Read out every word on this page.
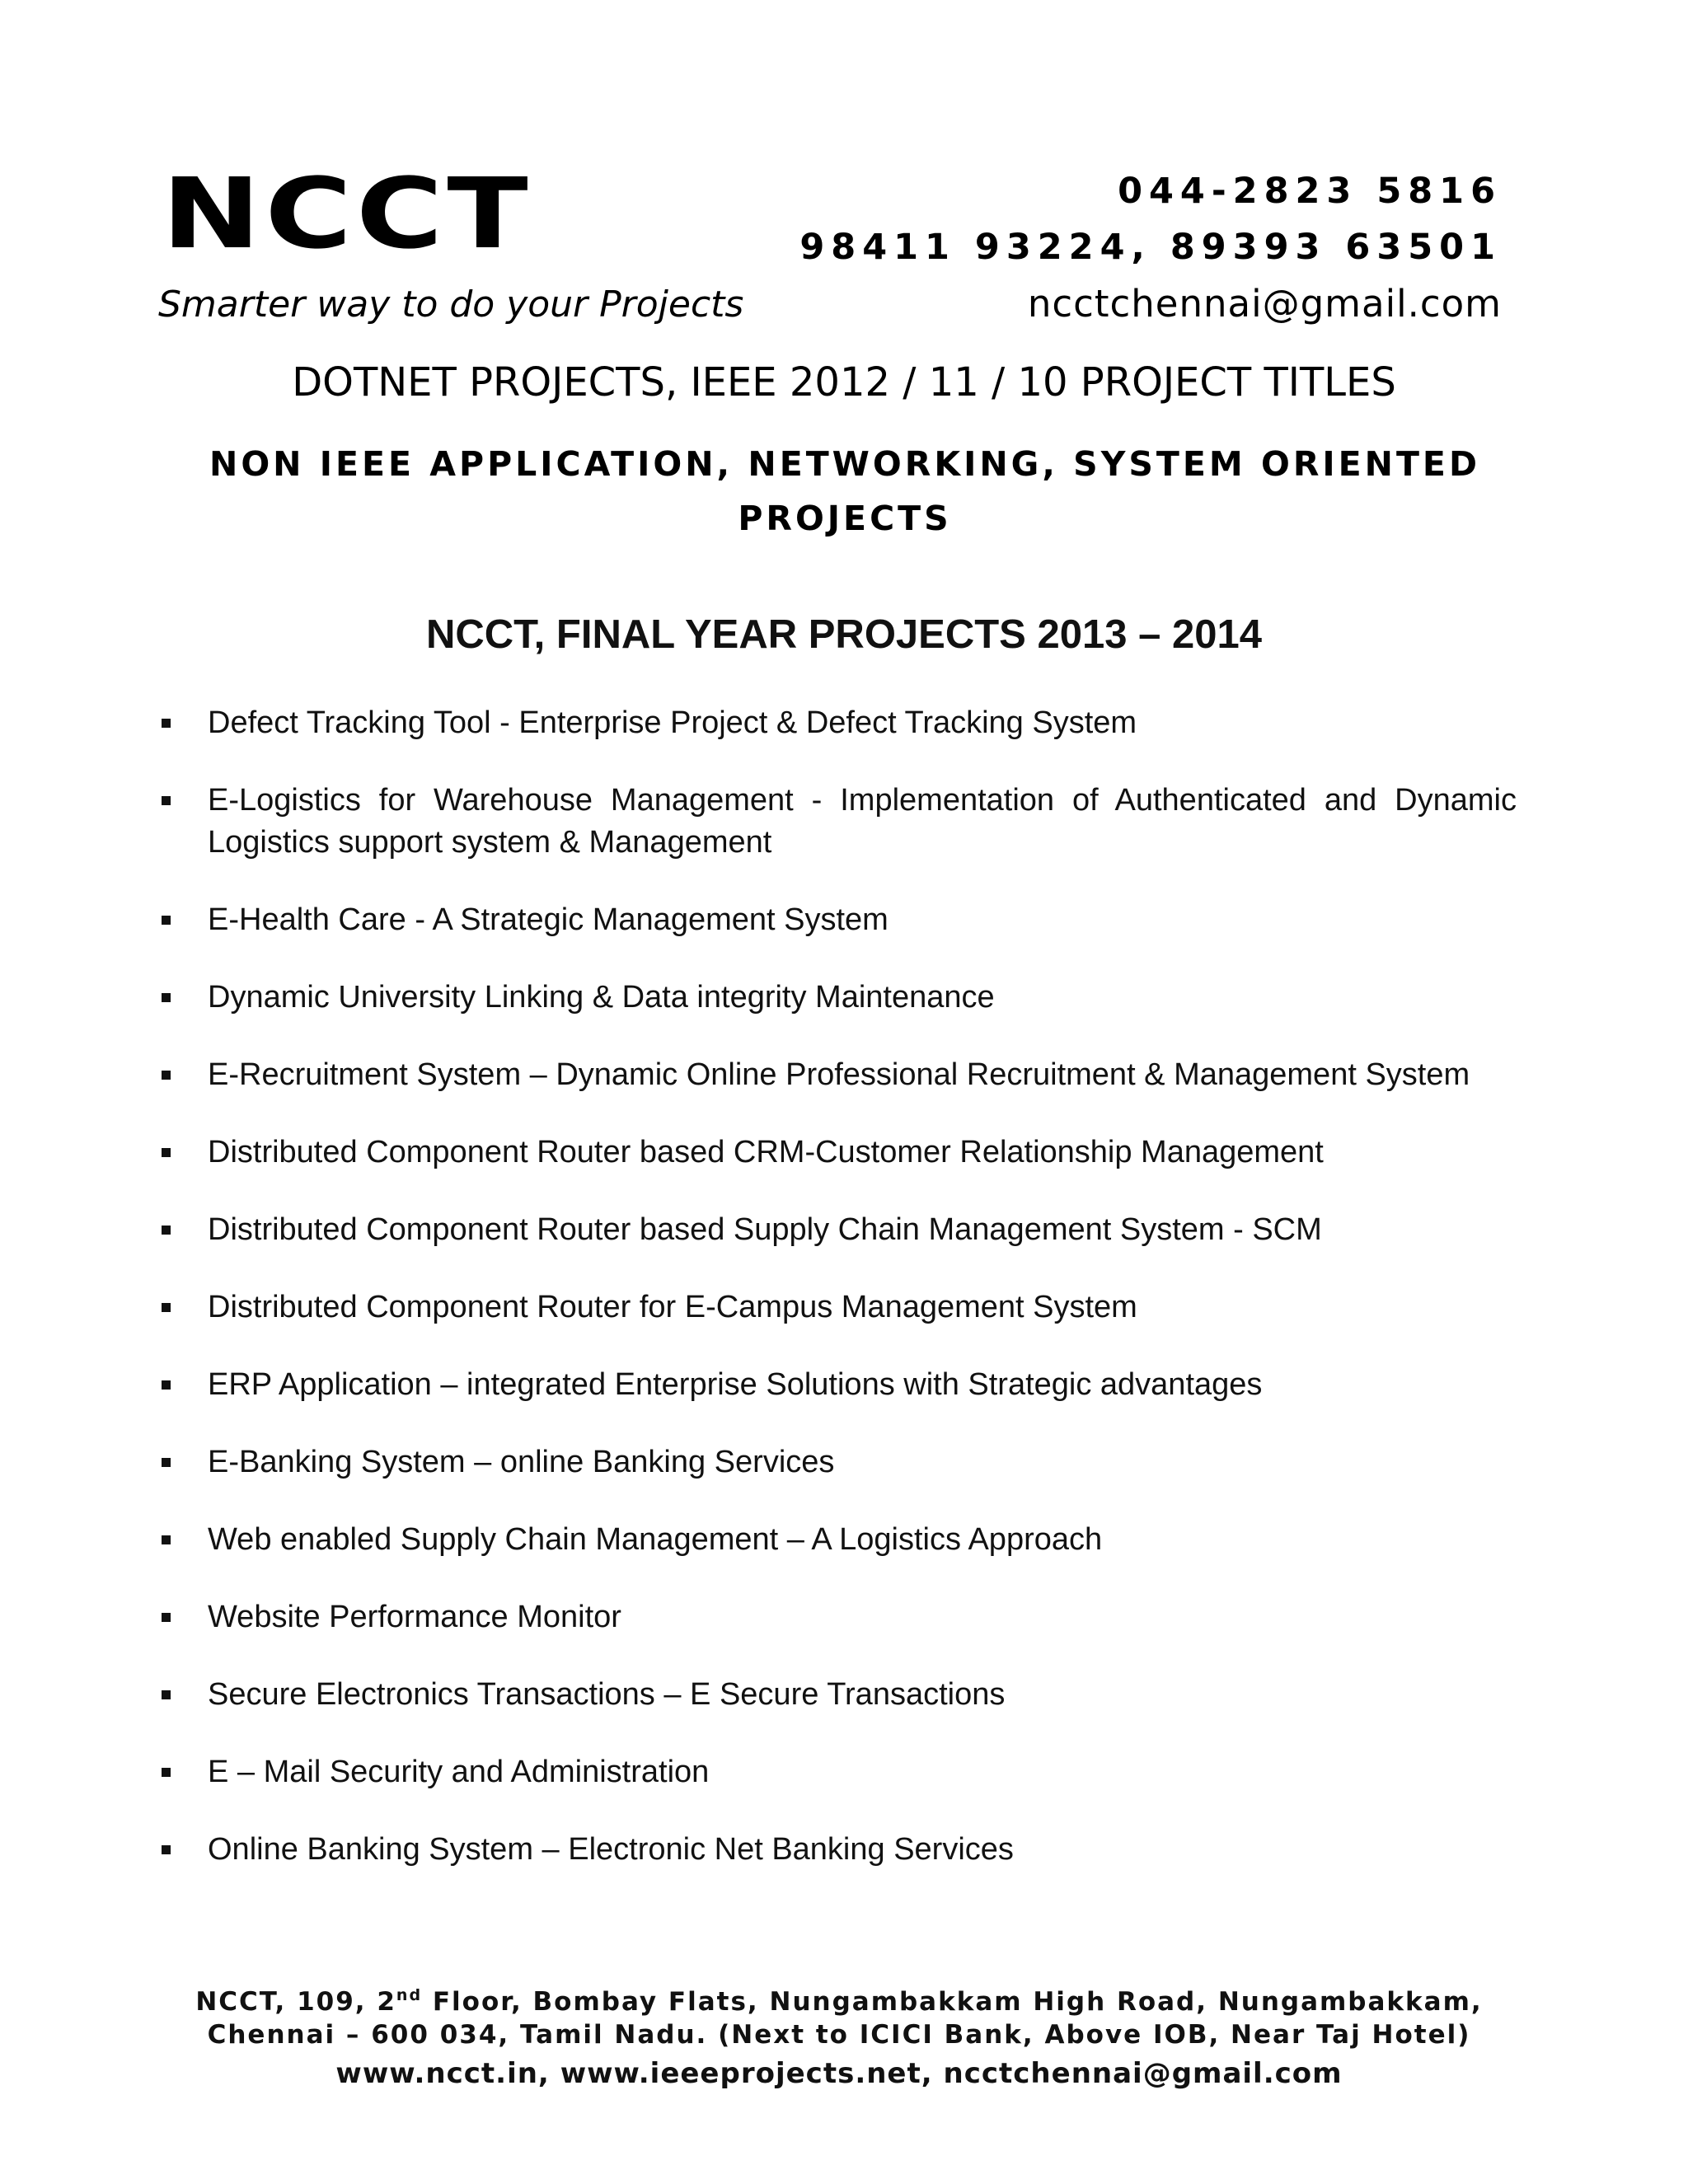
NCCT
Smarter way to do your Projects
044-2823 5816
98411 93224, 89393 63501
ncctchennai@gmail.com
DOTNET PROJECTS, IEEE 2012 / 11 / 10 PROJECT TITLES
NON IEEE APPLICATION, NETWORKING, SYSTEM ORIENTED PROJECTS
NCCT, FINAL YEAR PROJECTS 2013 – 2014
Defect Tracking Tool - Enterprise Project & Defect Tracking System
E-Logistics for Warehouse Management - Implementation of Authenticated and Dynamic Logistics support system & Management
E-Health Care - A Strategic Management System
Dynamic University Linking & Data integrity Maintenance
E-Recruitment System – Dynamic Online Professional Recruitment & Management System
Distributed Component Router based CRM-Customer Relationship Management
Distributed Component Router based Supply Chain Management System - SCM
Distributed Component Router for E-Campus Management System
ERP Application – integrated Enterprise Solutions with Strategic advantages
E-Banking System – online Banking Services
Web enabled Supply Chain Management – A Logistics Approach
Website Performance Monitor
Secure Electronics Transactions – E Secure Transactions
E – Mail Security and Administration
Online Banking System – Electronic Net Banking Services
NCCT, 109, 2nd Floor, Bombay Flats, Nungambakkam High Road, Nungambakkam, Chennai – 600 034, Tamil Nadu. (Next to ICICI Bank, Above IOB, Near Taj Hotel)
www.ncct.in, www.ieeeprojects.net, ncctchennai@gmail.com
